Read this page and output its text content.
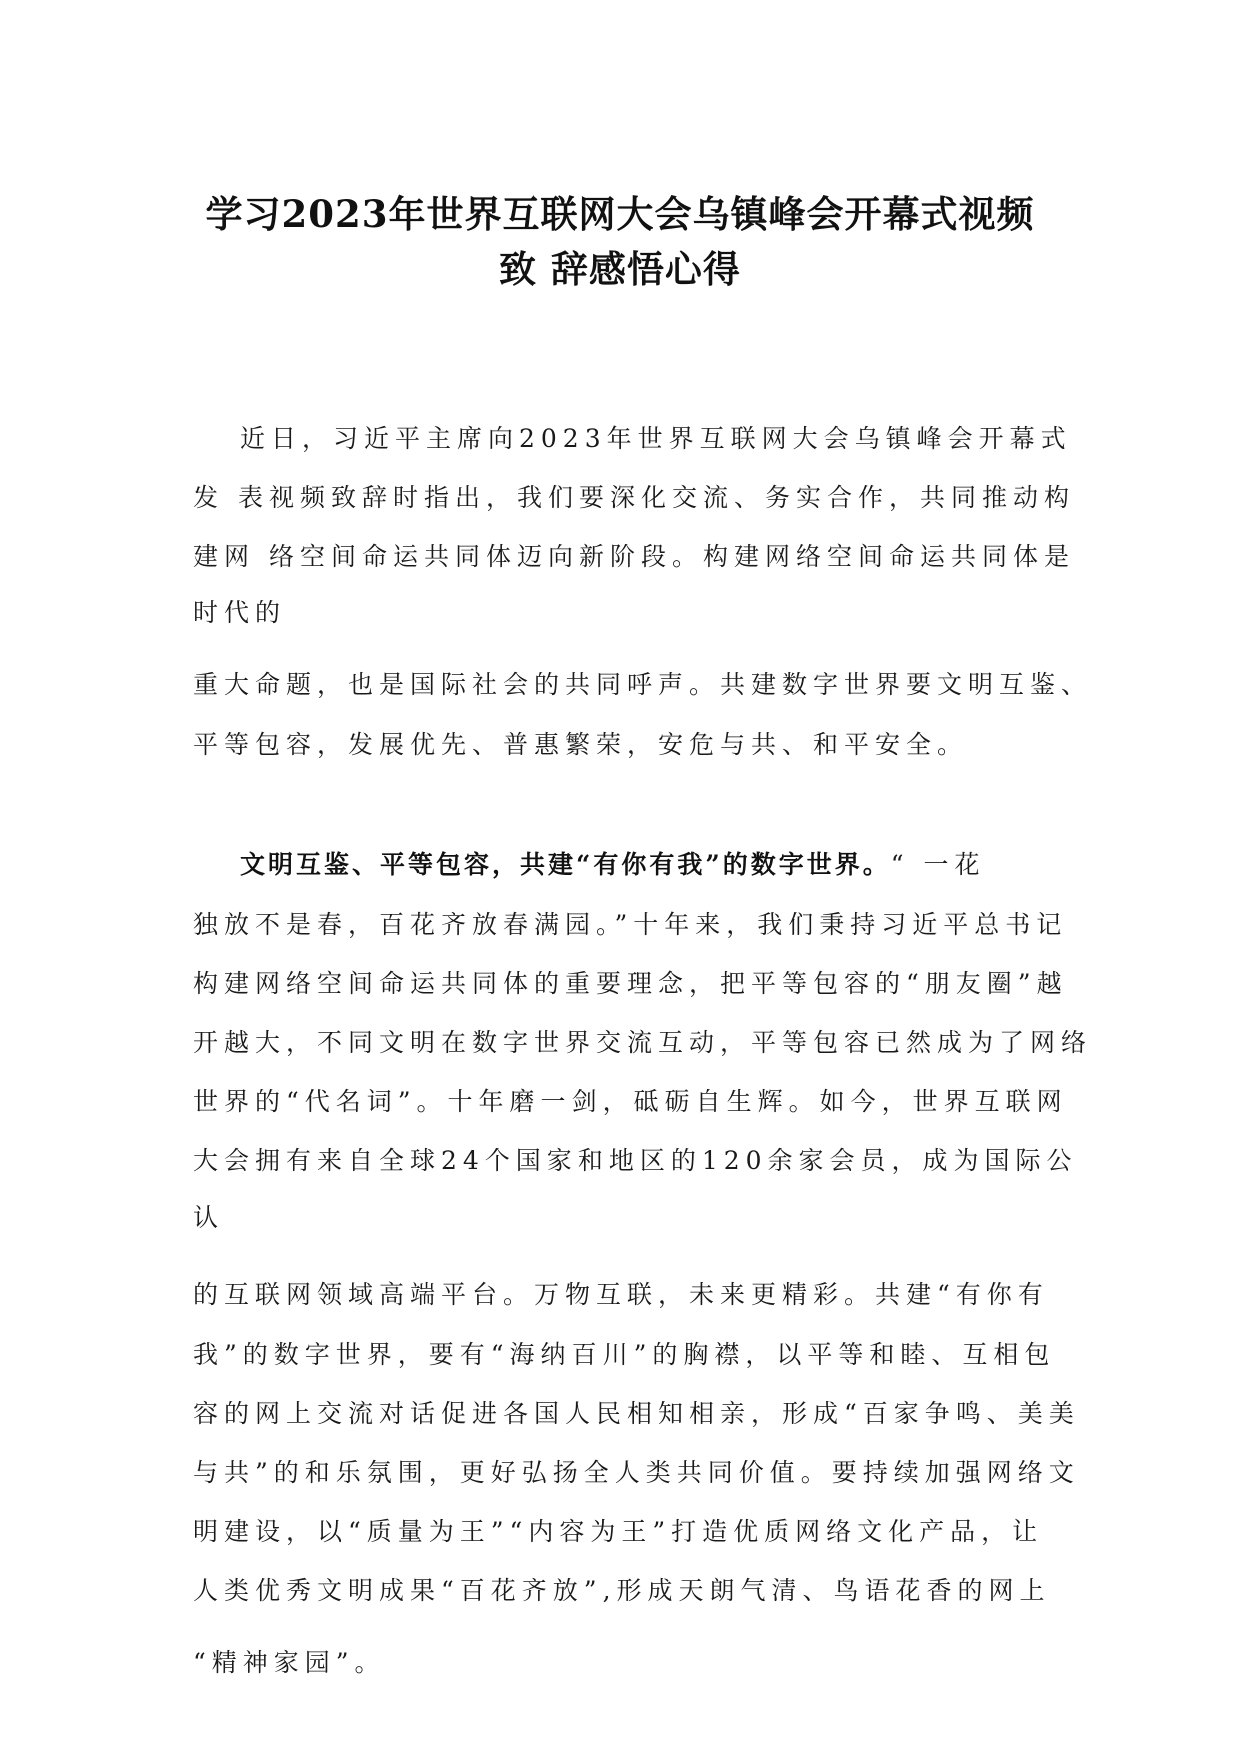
学习2023年世界互联网大会乌镇峰会开幕式视频
致 辞感悟心得
近日，习近平主席向2023年世界互联网大会乌镇峰会开幕式
发 表视频致辞时指出，我们要深化交流、务实合作，共同推动构
建网 络空间命运共同体迈向新阶段。构建网络空间命运共同体是
时代的
重大命题，也是国际社会的共同呼声。共建数字世界要文明互鉴、
平等包容，发展优先、普惠繁荣，安危与共、和平安全。
文明互鉴、平等包容，共建“有你有我”的数字世界。“ 一花
独放不是春，百花齐放春满园。”十年来，我们秉持习近平总书记
构建网络空间命运共同体的重要理念，把平等包容的“朋友圈”越
开越大，不同文明在数字世界交流互动，平等包容已然成为了网络
世界的“代名词”。十年磨一剑，砥砺自生辉。如今，世界互联网
大会拥有来自全球24个国家和地区的120余家会员，成为国际公
认
的互联网领域高端平台。万物互联，未来更精彩。共建“有你有
我”的数字世界，要有“海纳百川”的胸襟，以平等和睦、互相包
容的网上交流对话促进各国人民相知相亲，形成“百家争鸣、美美
与共”的和乐氛围，更好弘扬全人类共同价值。要持续加强网络文
明建设，以“质量为王”“内容为王”打造优质网络文化产品，让
人类优秀文明成果“百花齐放”,形成天朗气清、鸟语花香的网上
“精神家园”。
